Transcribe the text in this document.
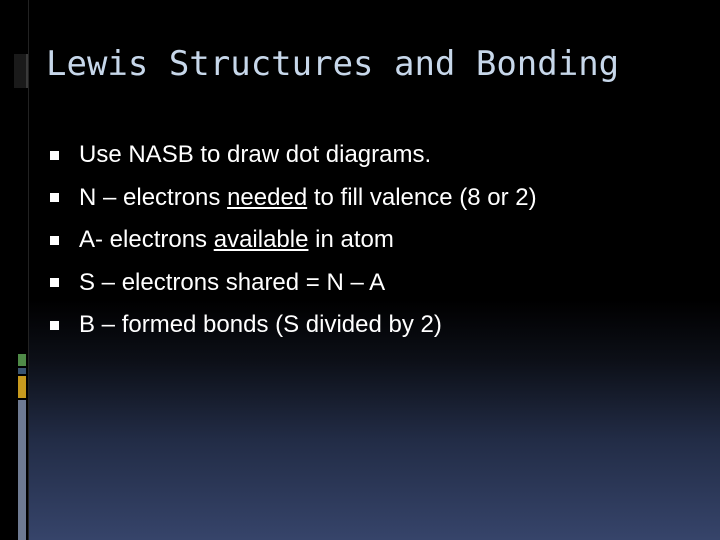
Lewis Structures and Bonding
Use NASB to draw dot diagrams.
N – electrons needed to fill valence (8 or 2)
A- electrons available in atom
S – electrons shared = N – A
B – formed bonds (S divided by 2)
